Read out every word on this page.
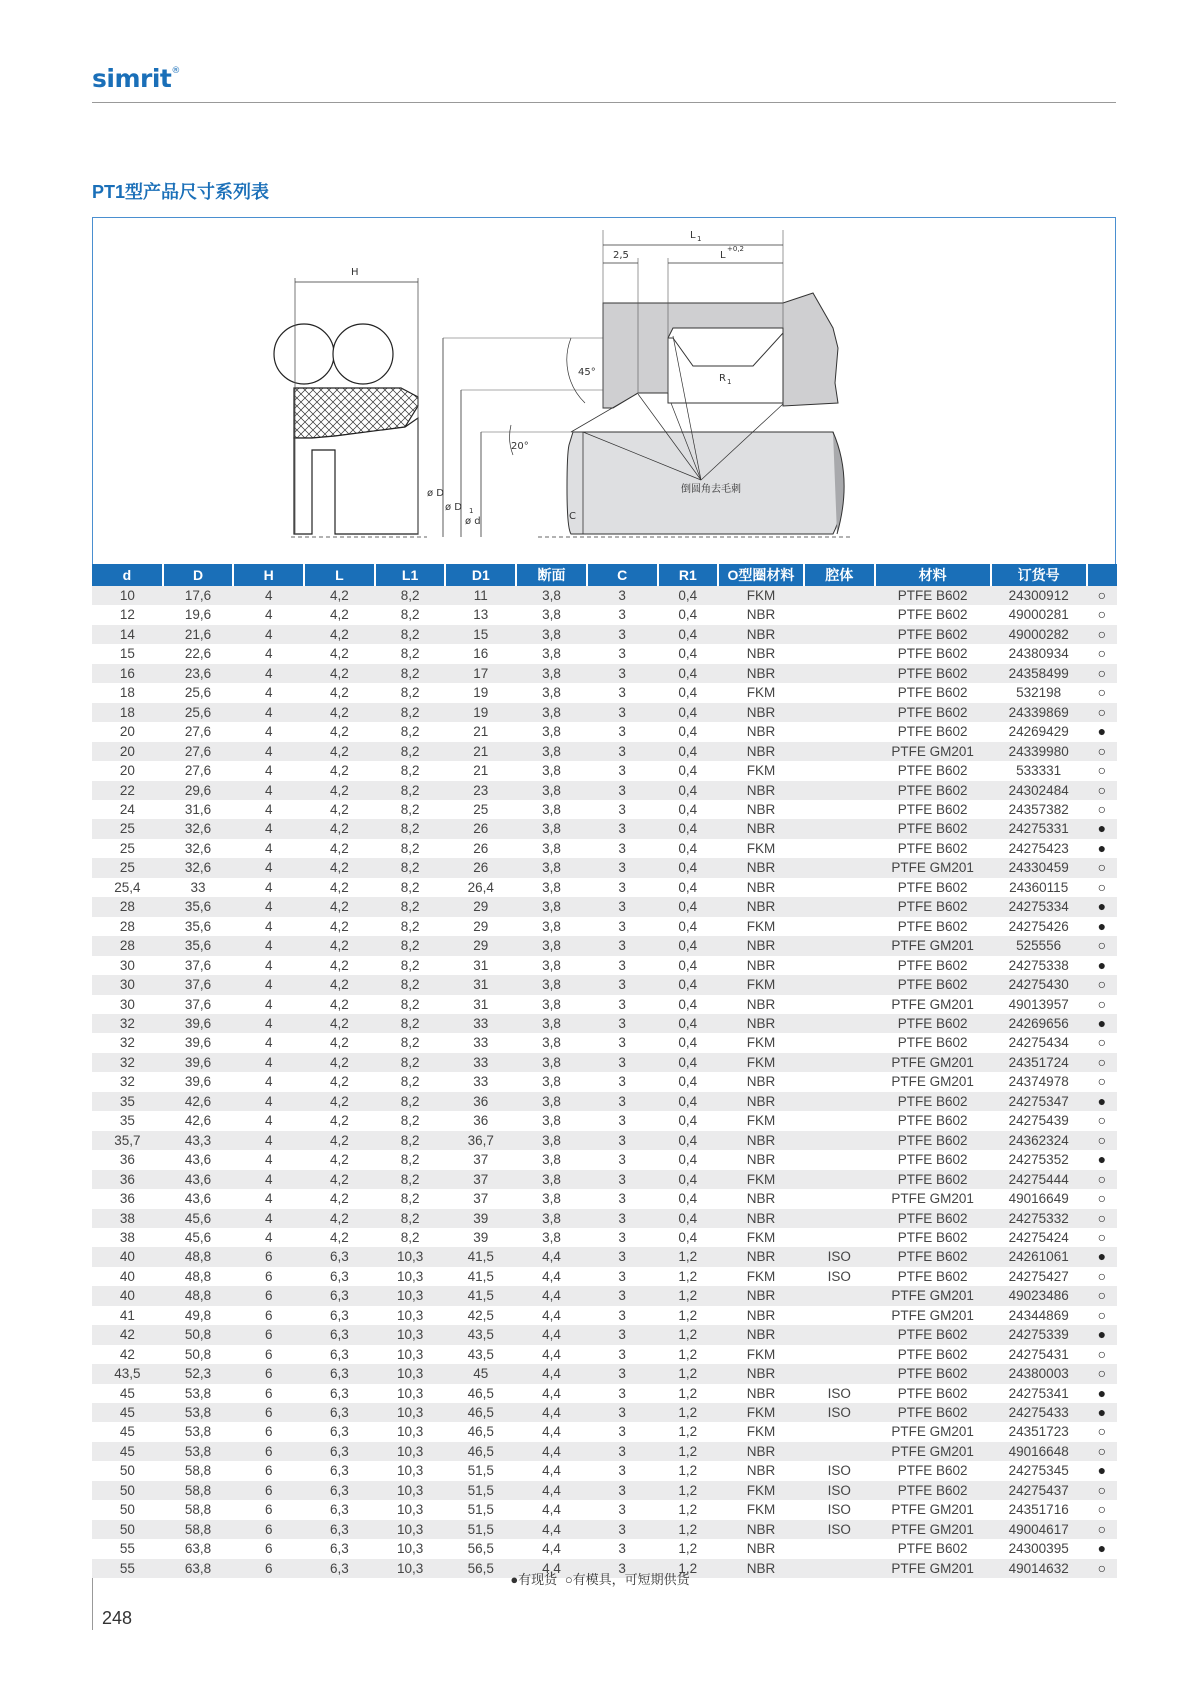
simrit®
PT1型产品尺寸系列表
H
ø D
ø D 1
ø d
L 1
2,5	L
+0,2
R 1
45°
20°
C
倒圆角去毛刺
d	D	H	L	L1	D1	断面	C	R1	O型圈材料	腔体	材料	订货号	
10	17,6	4	4,2	8,2	11	3,8	3	0,4	FKM		PTFE B602	24300912	○
12	19,6	4	4,2	8,2	13	3,8	3	0,4	NBR		PTFE B602	49000281	○
14	21,6	4	4,2	8,2	15	3,8	3	0,4	NBR		PTFE B602	49000282	○
15	22,6	4	4,2	8,2	16	3,8	3	0,4	NBR		PTFE B602	24380934	○
16	23,6	4	4,2	8,2	17	3,8	3	0,4	NBR		PTFE B602	24358499	○
18	25,6	4	4,2	8,2	19	3,8	3	0,4	FKM		PTFE B602	532198	○
18	25,6	4	4,2	8,2	19	3,8	3	0,4	NBR		PTFE B602	24339869	○
20	27,6	4	4,2	8,2	21	3,8	3	0,4	NBR		PTFE B602	24269429	●
20	27,6	4	4,2	8,2	21	3,8	3	0,4	NBR		PTFE GM201	24339980	○
20	27,6	4	4,2	8,2	21	3,8	3	0,4	FKM		PTFE B602	533331	○
22	29,6	4	4,2	8,2	23	3,8	3	0,4	NBR		PTFE B602	24302484	○
24	31,6	4	4,2	8,2	25	3,8	3	0,4	NBR		PTFE B602	24357382	○
25	32,6	4	4,2	8,2	26	3,8	3	0,4	NBR		PTFE B602	24275331	●
25	32,6	4	4,2	8,2	26	3,8	3	0,4	FKM		PTFE B602	24275423	●
25	32,6	4	4,2	8,2	26	3,8	3	0,4	NBR		PTFE GM201	24330459	○
25,4	33	4	4,2	8,2	26,4	3,8	3	0,4	NBR		PTFE B602	24360115	○
28	35,6	4	4,2	8,2	29	3,8	3	0,4	NBR		PTFE B602	24275334	●
28	35,6	4	4,2	8,2	29	3,8	3	0,4	FKM		PTFE B602	24275426	●
28	35,6	4	4,2	8,2	29	3,8	3	0,4	NBR		PTFE GM201	525556	○
30	37,6	4	4,2	8,2	31	3,8	3	0,4	NBR		PTFE B602	24275338	●
30	37,6	4	4,2	8,2	31	3,8	3	0,4	FKM		PTFE B602	24275430	○
30	37,6	4	4,2	8,2	31	3,8	3	0,4	NBR		PTFE GM201	49013957	○
32	39,6	4	4,2	8,2	33	3,8	3	0,4	NBR		PTFE B602	24269656	●
32	39,6	4	4,2	8,2	33	3,8	3	0,4	FKM		PTFE B602	24275434	○
32	39,6	4	4,2	8,2	33	3,8	3	0,4	FKM		PTFE GM201	24351724	○
32	39,6	4	4,2	8,2	33	3,8	3	0,4	NBR		PTFE GM201	24374978	○
35	42,6	4	4,2	8,2	36	3,8	3	0,4	NBR		PTFE B602	24275347	●
35	42,6	4	4,2	8,2	36	3,8	3	0,4	FKM		PTFE B602	24275439	○
35,7	43,3	4	4,2	8,2	36,7	3,8	3	0,4	NBR		PTFE B602	24362324	○
36	43,6	4	4,2	8,2	37	3,8	3	0,4	NBR		PTFE B602	24275352	●
36	43,6	4	4,2	8,2	37	3,8	3	0,4	FKM		PTFE B602	24275444	○
36	43,6	4	4,2	8,2	37	3,8	3	0,4	NBR		PTFE GM201	49016649	○
38	45,6	4	4,2	8,2	39	3,8	3	0,4	NBR		PTFE B602	24275332	○
38	45,6	4	4,2	8,2	39	3,8	3	0,4	FKM		PTFE B602	24275424	○
40	48,8	6	6,3	10,3	41,5	4,4	3	1,2	NBR	ISO	PTFE B602	24261061	●
40	48,8	6	6,3	10,3	41,5	4,4	3	1,2	FKM	ISO	PTFE B602	24275427	○
40	48,8	6	6,3	10,3	41,5	4,4	3	1,2	NBR		PTFE GM201	49023486	○
41	49,8	6	6,3	10,3	42,5	4,4	3	1,2	NBR		PTFE GM201	24344869	○
42	50,8	6	6,3	10,3	43,5	4,4	3	1,2	NBR		PTFE B602	24275339	●
42	50,8	6	6,3	10,3	43,5	4,4	3	1,2	FKM		PTFE B602	24275431	○
43,5	52,3	6	6,3	10,3	45	4,4	3	1,2	NBR		PTFE B602	24380003	○
45	53,8	6	6,3	10,3	46,5	4,4	3	1,2	NBR	ISO	PTFE B602	24275341	●
45	53,8	6	6,3	10,3	46,5	4,4	3	1,2	FKM	ISO	PTFE B602	24275433	●
45	53,8	6	6,3	10,3	46,5	4,4	3	1,2	FKM		PTFE GM201	24351723	○
45	53,8	6	6,3	10,3	46,5	4,4	3	1,2	NBR		PTFE GM201	49016648	○
50	58,8	6	6,3	10,3	51,5	4,4	3	1,2	NBR	ISO	PTFE B602	24275345	●
50	58,8	6	6,3	10,3	51,5	4,4	3	1,2	FKM	ISO	PTFE B602	24275437	○
50	58,8	6	6,3	10,3	51,5	4,4	3	1,2	FKM	ISO	PTFE GM201	24351716	○
50	58,8	6	6,3	10,3	51,5	4,4	3	1,2	NBR	ISO	PTFE GM201	49004617	○
55	63,8	6	6,3	10,3	56,5	4,4	3	1,2	NBR		PTFE B602	24300395	●
55	63,8	6	6,3	10,3	56,5	4,4	3	1,2	NBR		PTFE GM201	49014632	○
●有现货 ○有模具，可短期供货
248
